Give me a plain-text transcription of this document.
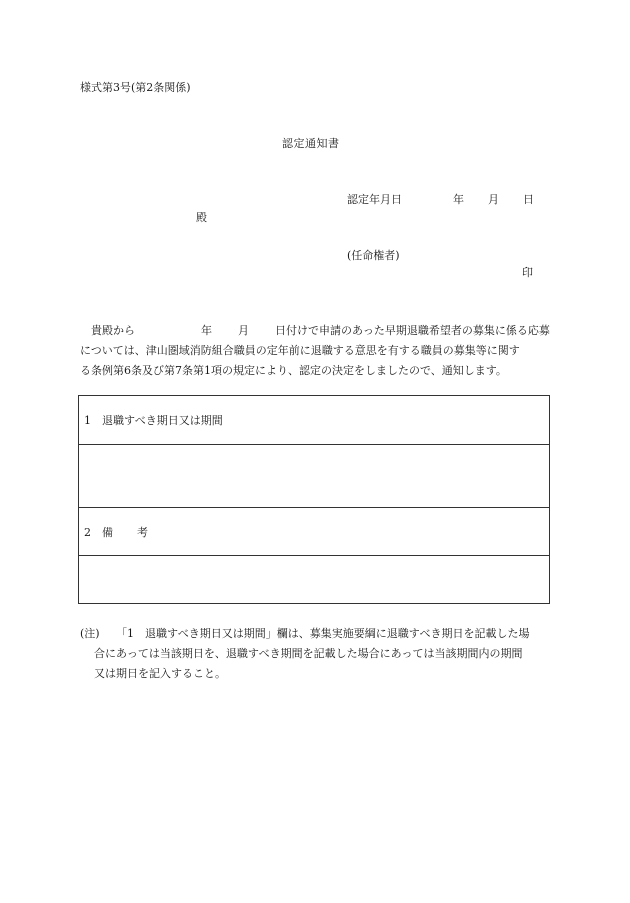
様式第3号(第2条関係)
認定通知書
認定年月日	年 月 日
殿
(任命権者)
印
　貴殿から	年 月 日付けで申請のあった早期退職希望者の募集に係る応募
については、津山圏域消防組合職員の定年前に退職する意思を有する職員の募集等に関す
る条例第6条及び第7条第1項の規定により、認定の決定をしましたので、通知します。
1 退職すべき期日又は期間
2 備 考
(注) 「1　退職すべき期日又は期間」欄は、募集実施要綱に退職すべき期日を記載した場
合にあっては当該期日を、退職すべき期間を記載した場合にあっては当該期間内の期間
又は期日を記入すること。
